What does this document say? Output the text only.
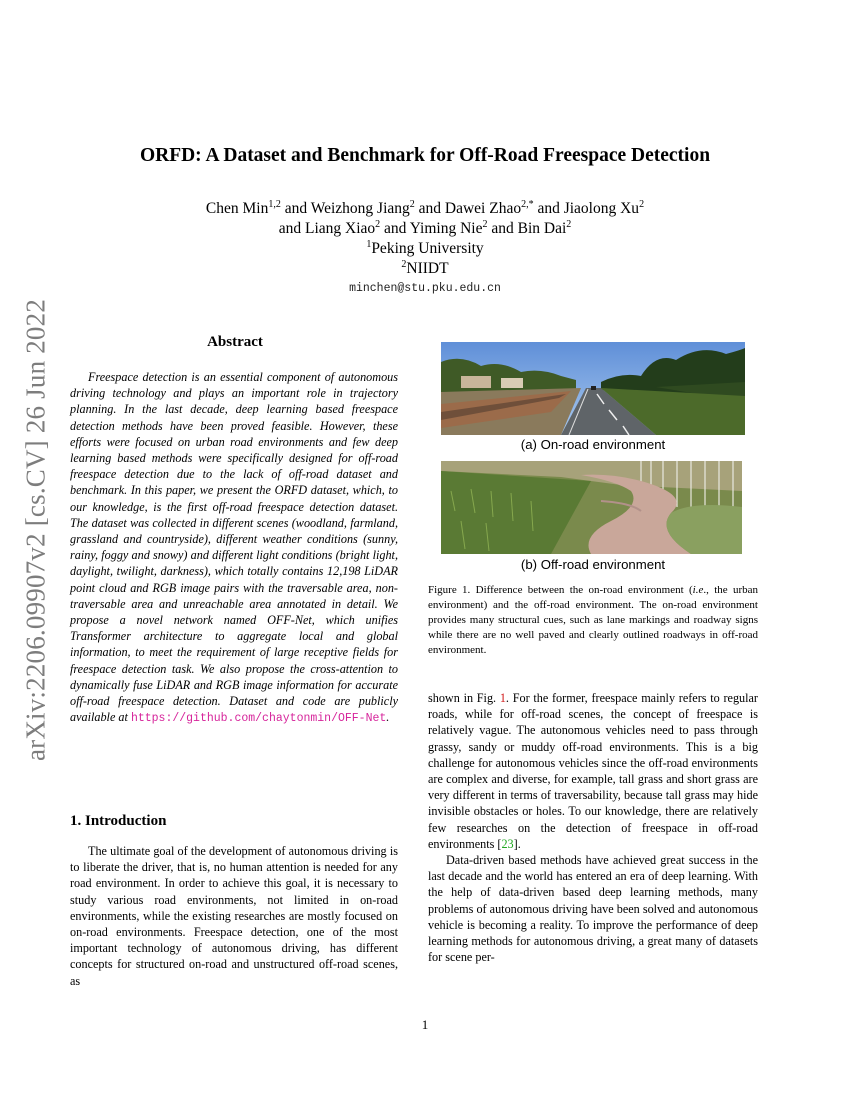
arXiv:2206.09907v2 [cs.CV] 26 Jun 2022
ORFD: A Dataset and Benchmark for Off-Road Freespace Detection
Chen Min$^{1,2}$ and Weizhong Jiang$^2$ and Dawei Zhao$^{2,*}$ and Jiaolong Xu$^2$
and Liang Xiao$^2$ and Yiming Nie$^2$ and Bin Dai$^2$
$^1$Peking University
$^2$NIIDT
minchen@stu.pku.edu.cn
Abstract
Freespace detection is an essential component of autonomous driving technology and plays an important role in trajectory planning. In the last decade, deep learning based freespace detection methods have been proved feasible. However, these efforts were focused on urban road environments and few deep learning based methods were specifically designed for off-road freespace detection due to the lack of off-road dataset and benchmark. In this paper, we present the ORFD dataset, which, to our knowledge, is the first off-road freespace detection dataset. The dataset was collected in different scenes (woodland, farmland, grassland and countryside), different weather conditions (sunny, rainy, foggy and snowy) and different light conditions (bright light, daylight, twilight, darkness), which totally contains 12,198 LiDAR point cloud and RGB image pairs with the traversable area, non-traversable area and unreachable area annotated in detail. We propose a novel network named OFF-Net, which unifies Transformer architecture to aggregate local and global information, to meet the requirement of large receptive fields for freespace detection task. We also propose the cross-attention to dynamically fuse LiDAR and RGB image information for accurate off-road freespace detection. Dataset and code are publicly available at https://github.com/chaytonmin/OFF-Net.
1. Introduction
The ultimate goal of the development of autonomous driving is to liberate the driver, that is, no human attention is needed for any road environment. In order to achieve this goal, it is necessary to study various road environments, not limited in on-road environments, while the existing researches are mostly focused on on-road environments. Freespace detection, one of the most important technology of autonomous driving, has different concepts for structured on-road and unstructured off-road scenes, as
(a) On-road environment
(b) Off-road environment
Figure 1. Difference between the on-road environment (i.e., the urban environment) and the off-road environment. The on-road environment provides many structural cues, such as lane markings and roadway signs while there are no well paved and clearly outlined roadways in off-road environment.

shown in Fig. 1. For the former, freespace mainly refers to regular roads, while for off-road scenes, the concept of freespace is relatively vague. The autonomous vehicles need to pass through grassy, sandy or muddy off-road environments. This is a big challenge for autonomous vehicles since the off-road environments are complex and diverse, for example, tall grass and short grass are very different in terms of traversability, because tall grass may hide invisible obstacles or holes. To our knowledge, there are relatively few researches on the detection of freespace in off-road environments [23].

Data-driven based methods have achieved great success in the last decade and the world has entered an era of deep learning. With the help of data-driven based deep learning methods, many problems of autonomous driving have been solved and autonomous vehicle is becoming a reality. To improve the performance of deep learning methods for autonomous driving, a great many of datasets for scene per-

1
